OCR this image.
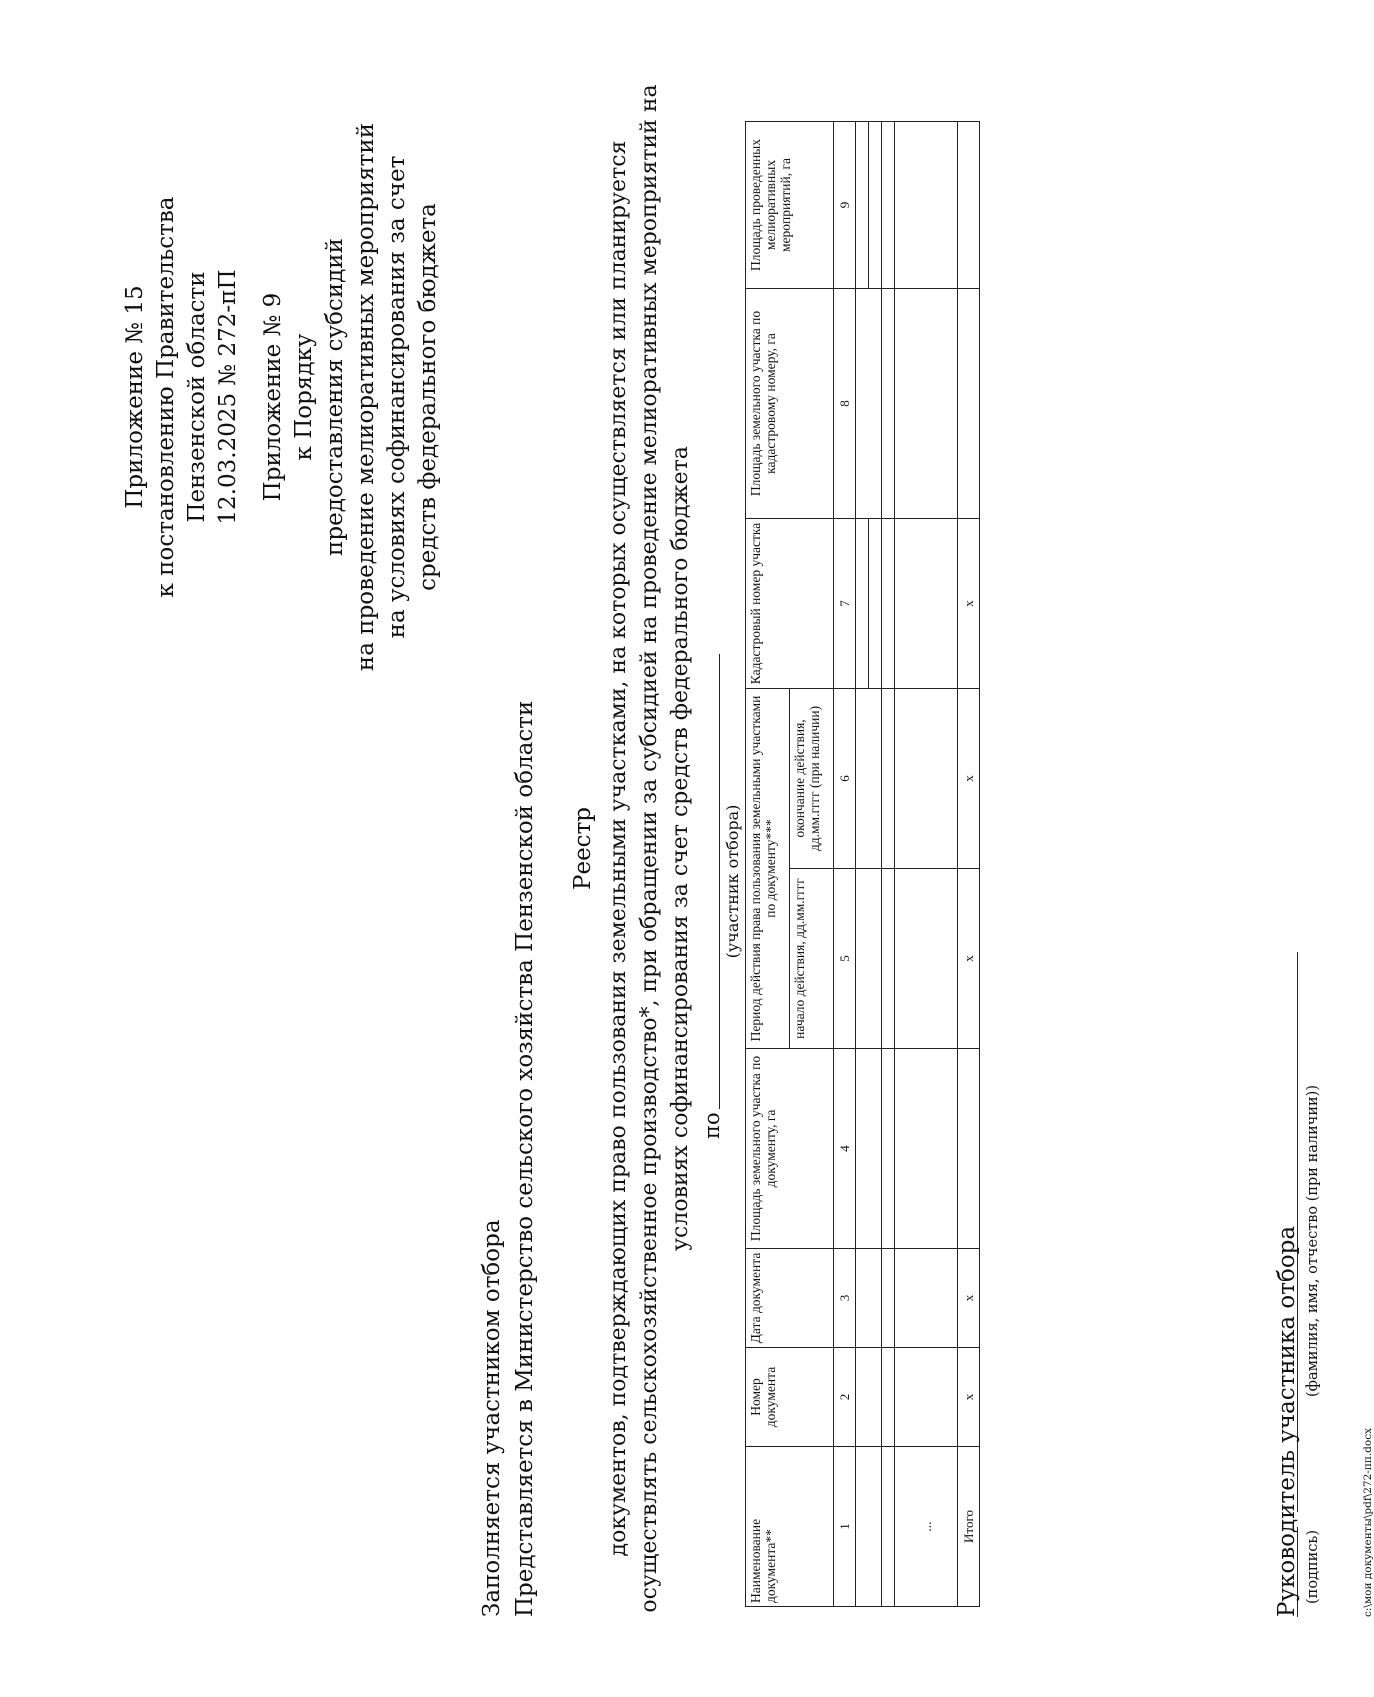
Приложение № 15 к постановлению Правительства Пензенской области 12.03.2025 № 272-пП Приложение № 9 к Порядку предоставления субсидий на проведение мелиоративных мероприятий на условиях софинансирования за счет средств федерального бюджета
Заполняется участником отбора Представляется в Министерство сельского хозяйства Пензенской области Реестр документов, подтверждающих право пользования земельными участками, на которых осуществляется или планируется осуществлять сельскохозяйственное производство*, при обращении за субсидией на проведение мелиоративных мероприятий на условиях софинансирования за счет средств федерального бюджета по
(участник отбора)
Наименование документа**	Номер документа	Дата документа	Площадь земельного участка по документу, га	Период действия права пользования земельными участками по документу***		Кадастровый номер участка	Площадь земельного участка по кадастровому номеру, га	Площадь проведенных мелиоративных мероприятий, га
				начало действия, дд.мм.гггг	окончание действия, дд.мм.гггг (при наличии)			
1	2	3	4	5	6	7	8	9

...								
Итого	x	x		x	x	x		
Руководитель участника отбора (подпись)
(фамилия, имя, отчество (при наличии))
c:\мои документы\pdf\272-пп.docx
